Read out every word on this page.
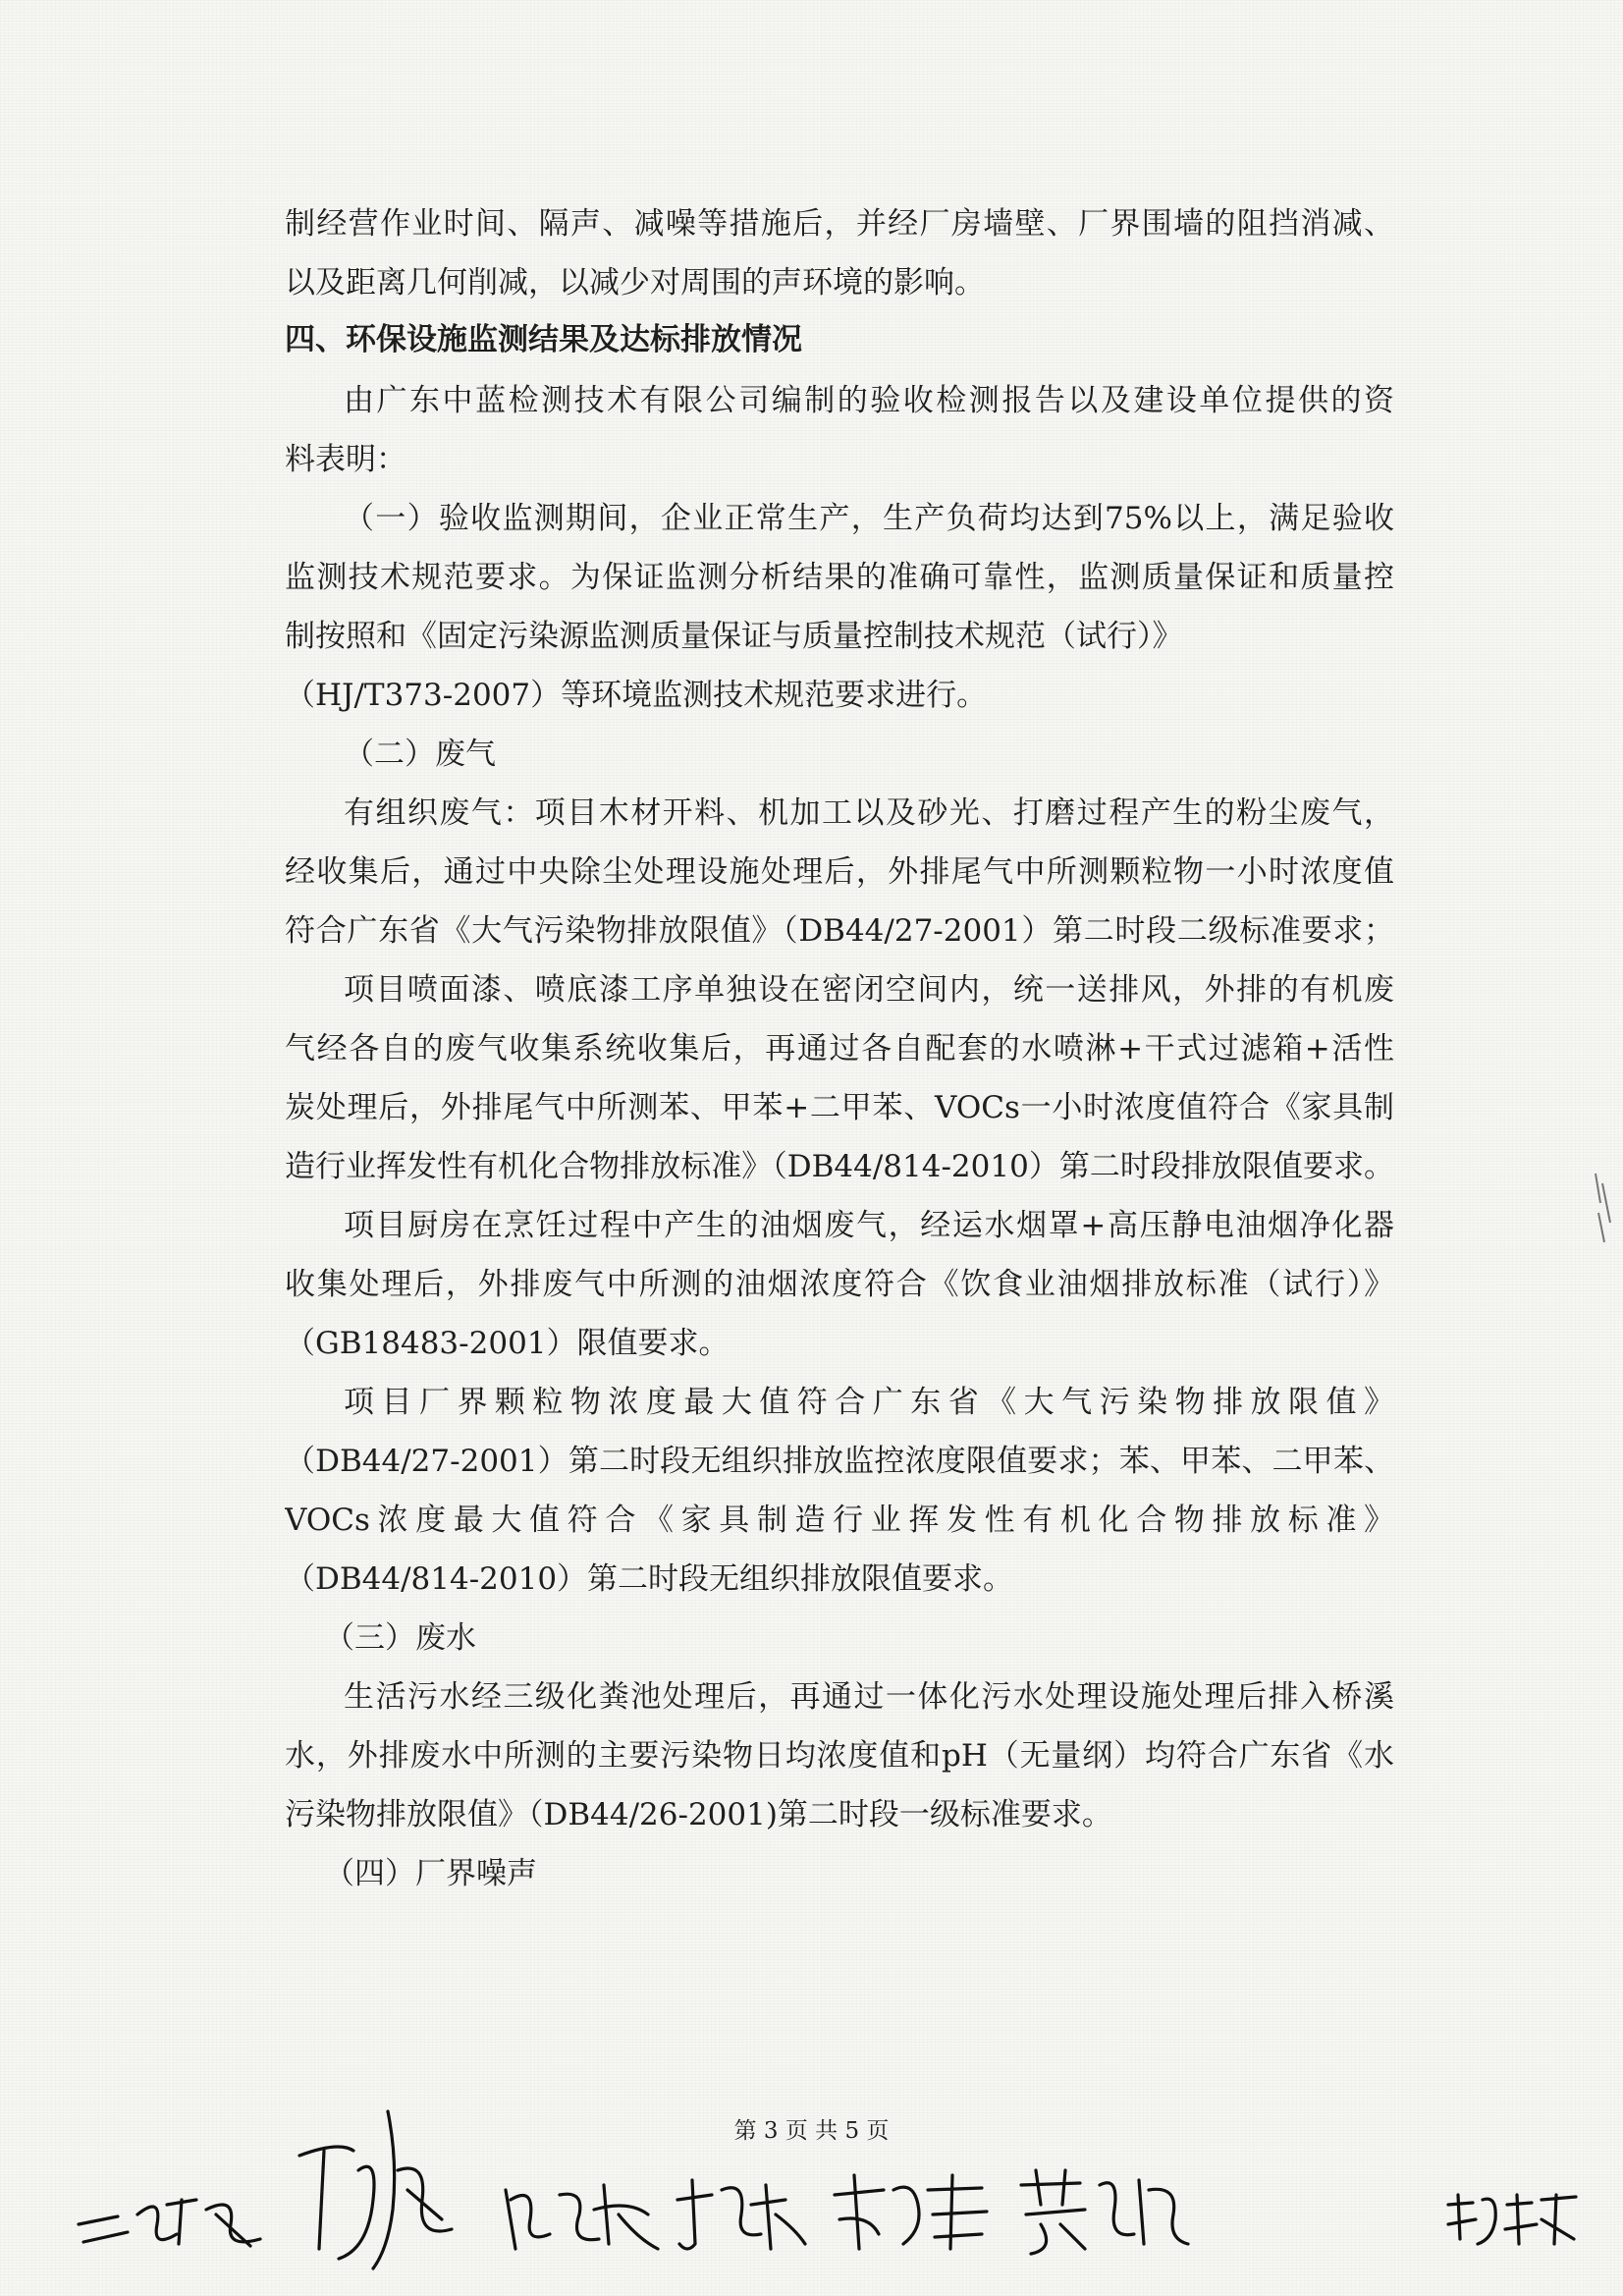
制经营作业时间、隔声、减噪等措施后，并经厂房墙壁、厂界围墙的阻挡消减、
以及距离几何削减，以减少对周围的声环境的影响。
四、环保设施监测结果及达标排放情况
由广东中蓝检测技术有限公司编制的验收检测报告以及建设单位提供的资
料表明：
（一）验收监测期间，企业正常生产，生产负荷均达到75%以上，满足验收
监测技术规范要求。为保证监测分析结果的准确可靠性，监测质量保证和质量控
制按照和《固定污染源监测质量保证与质量控制技术规范（试行）》
（HJ/T373-2007）等环境监测技术规范要求进行。
（二）废气
有组织废气：项目木材开料、机加工以及砂光、打磨过程产生的粉尘废气，
经收集后，通过中央除尘处理设施处理后，外排尾气中所测颗粒物一小时浓度值
符合广东省《大气污染物排放限值》（DB44/27-2001）第二时段二级标准要求；
项目喷面漆、喷底漆工序单独设在密闭空间内，统一送排风，外排的有机废
气经各自的废气收集系统收集后，再通过各自配套的水喷淋+干式过滤箱+活性
炭处理后，外排尾气中所测苯、甲苯+二甲苯、VOCs一小时浓度值符合《家具制
造行业挥发性有机化合物排放标准》（DB44/814-2010）第二时段排放限值要求。
项目厨房在烹饪过程中产生的油烟废气，经运水烟罩+高压静电油烟净化器
收集处理后，外排废气中所测的油烟浓度符合《饮食业油烟排放标准（试行）》
（GB18483-2001）限值要求。
项目厂界颗粒物浓度最大值符合广东省《大气污染物排放限值》
（DB44/27-2001）第二时段无组织排放监控浓度限值要求；苯、甲苯、二甲苯、
VOCs浓度最大值符合《家具制造行业挥发性有机化合物排放标准》
（DB44/814-2010）第二时段无组织排放限值要求。
（三）废水
生活污水经三级化粪池处理后，再通过一体化污水处理设施处理后排入桥溪
水，外排废水中所测的主要污染物日均浓度值和pH（无量纲）均符合广东省《水
污染物排放限值》（DB44/26-2001)第二时段一级标准要求。
（四）厂界噪声
第 3 页 共 5 页
